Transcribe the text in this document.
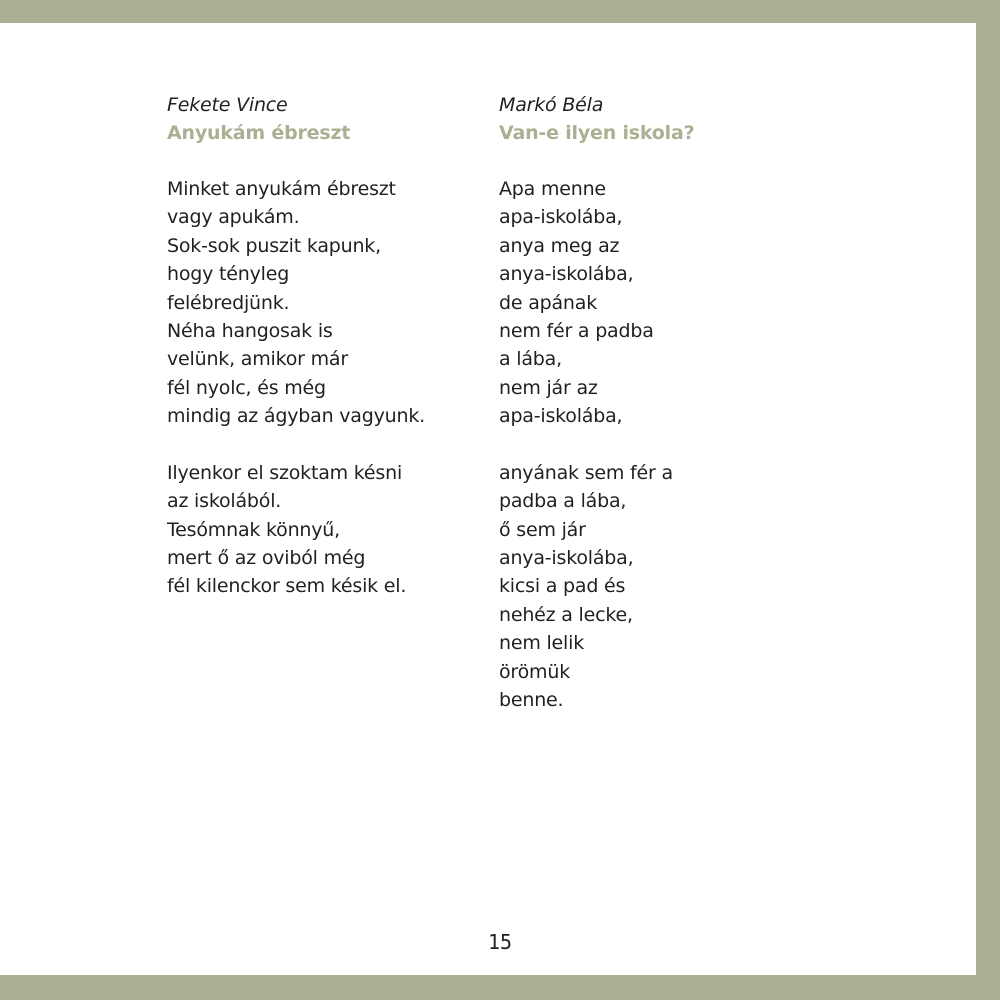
Fekete Vince
Anyukám ébreszt
Minket anyukám ébreszt
vagy apukám.
Sok-sok puszit kapunk,
hogy tényleg
felébredjünk.
Néha hangosak is
velünk, amikor már
fél nyolc, és még
mindig az ágyban vagyunk.
Ilyenkor el szoktam késni
az iskolából.
Tesómnak könnyű,
mert ő az oviból még
fél kilenckor sem késik el.
Markó Béla
Van-e ilyen iskola?
Apa menne
apa-iskolába,
anya meg az
anya-iskolába,
de apának
nem fér a padba
a lába,
nem jár az
apa-iskolába,
anyának sem fér a
padba a lába,
ő sem jár
anya-iskolába,
kicsi a pad és
nehéz a lecke,
nem lelik
örömük
benne.
15
